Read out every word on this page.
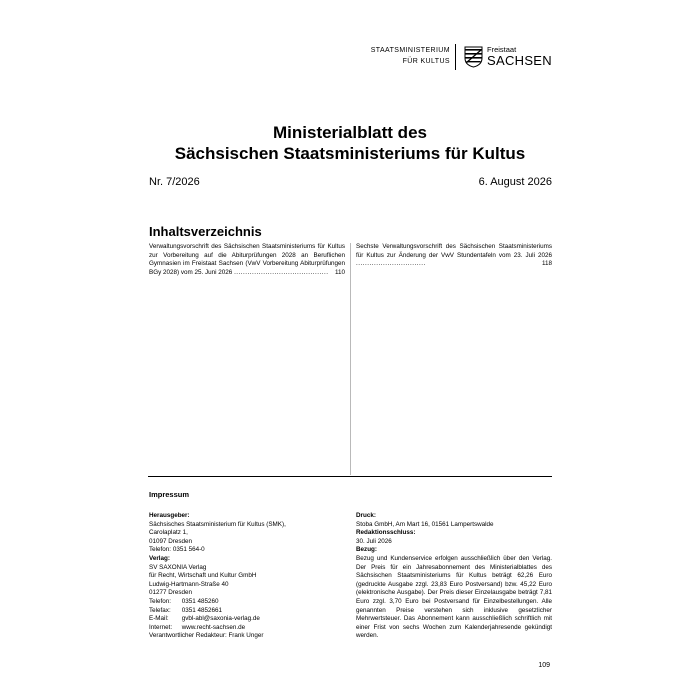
STAATSMINISTERIUM
FÜR KULTUS
Freistaat
SACHSEN
Ministerialblatt des
Sächsischen Staatsministeriums für Kultus
Nr. 7/2026	6. August 2026
Inhaltsverzeichnis

Verwaltungsvorschrift des Sächsischen Staatsministeriums für Kultus zur Vorbereitung auf die Abiturprüfungen 2028 an Beruflichen Gymnasien im Freistaat Sachsen (VwV Vorbereitung Abiturprüfungen BGy 2028) vom 25. Juni 2026 .......................................... 110

Sechste Verwaltungsvorschrift des Sächsischen Staatsministeriums für Kultus zur Änderung der VwV Stundentafeln vom 23. Juli 2026 ...............................	118

Impressum
Herausgeber:
Sächsisches Staatsministerium für Kultus (SMK),
Carolaplatz 1,
01097 Dresden
Telefon: 0351 564-0
Verlag:
SV SAXONIA Verlag
für Recht, Wirtschaft und Kultur GmbH
Ludwig-Hartmann-Straße 40
01277 Dresden
Telefon: 0351 485260
Telefax: 0351 4852661
E-Mail: gvbl-abl@saxonia-verlag.de
Internet: www.recht-sachsen.de
Verantwortlicher Redakteur: Frank Unger
Druck:
Stoba GmbH, Am Mart 16, 01561 Lampertswalde
Redaktionsschluss:
30. Juli 2026
Bezug:
Bezug und Kundenservice erfolgen ausschließlich über den Verlag. Der Preis für ein Jahresabonnement des Ministerialblattes des Sächsischen Staatsministeriums für Kultus beträgt 62,26 Euro (gedruckte Ausgabe zzgl. 23,83 Euro Postversand) bzw. 45,22 Euro (elektronische Ausgabe). Der Preis dieser Einzelausgabe beträgt 7,81 Euro zzgl. 3,70 Euro bei Postversand für Einzelbestellungen. Alle genannten Preise verstehen sich inklusive gesetzlicher Mehrwertsteuer. Das Abonnement kann ausschließlich schriftlich mit einer Frist von sechs Wochen zum Kalenderjahresende gekündigt werden.
109
